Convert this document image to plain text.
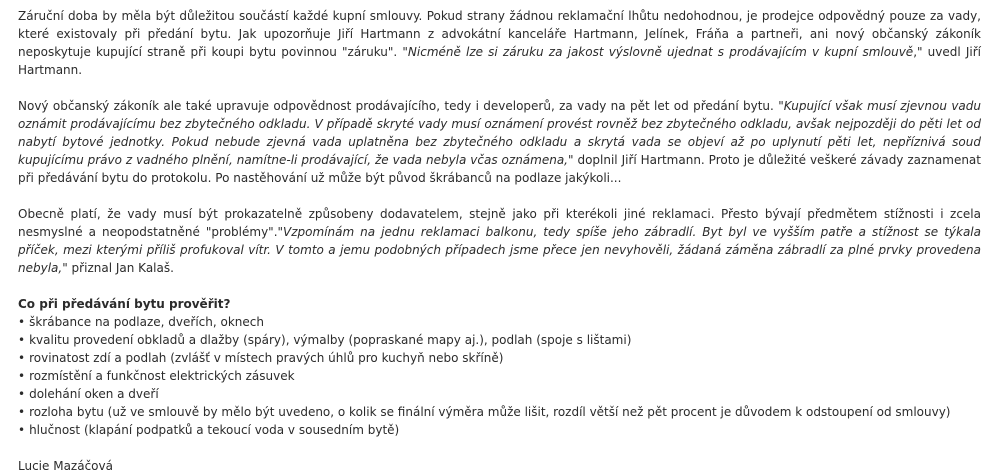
Záruční doba by měla být důležitou součástí každé kupní smlouvy. Pokud strany žádnou reklamační lhůtu nedohodnou, je prodejce odpovědný pouze za vady, které existovaly při předání bytu. Jak upozorňuje Jiří Hartmann z advokátní kanceláře Hartmann, Jelínek, Fráňa a partneři, ani nový občanský zákoník neposkytuje kupující straně při koupi bytu povinnou "záruku". "Nicméně lze si záruku za jakost výslovně ujednat s prodávajícím v kupní smlouvě," uvedl Jiří Hartmann.

Nový občanský zákoník ale také upravuje odpovědnost prodávajícího, tedy i developerů, za vady na pět let od předání bytu. "Kupující však musí zjevnou vadu oznámit prodávajícímu bez zbytečného odkladu. V případě skryté vady musí oznámení provést rovněž bez zbytečného odkladu, avšak nejpozději do pěti let od nabytí bytové jednotky. Pokud nebude zjevná vada uplatněna bez zbytečného odkladu a skrytá vada se objeví až po uplynutí pěti let, nepříznivá soud kupujícímu právo z vadného plnění, namítne-li prodávající, že vada nebyla včas oznámena," doplnil Jiří Hartmann. Proto je důležité veškeré závady zaznamenat při předávání bytu do protokolu. Po nastěhování už může být původ škrábanců na podlaze jakýkoli...

Obecně platí, že vady musí být prokazatelně způsobeny dodavatelem, stejně jako při kterékoli jiné reklamaci. Přesto bývají předmětem stížnosti i zcela nesmyslné a neopodstatněné "problémy"."Vzpomínám na jednu reklamaci balkonu, tedy spíše jeho zábradlí. Byt byl ve vyšším patře a stížnost se týkala příček, mezi kterými příliš profukoval vítr. V tomto a jemu podobných případech jsme přece jen nevyhověli, žádaná záměna zábradlí za plné prvky provedena nebyla," přiznal Jan Kalaš.

Co při předávání bytu prověřit?
• škrábance na podlaze, dveřích, oknech
• kvalitu provedení obkladů a dlažby (spáry), výmalby (popraskané mapy aj.), podlah (spoje s lištami)
• rovinatost zdí a podlah (zvlášť v místech pravých úhlů pro kuchyň nebo skříně)
• rozmístění a funkčnost elektrických zásuvek
• dolehání oken a dveří
• rozloha bytu (už ve smlouvě by mělo být uvedeno, o kolik se finální výměra může lišit, rozdíl větší než pět procent je důvodem k odstoupení od smlouvy)
• hlučnost (klapání podpatků a tekoucí voda v sousedním bytě)
Lucie Mazáčová
